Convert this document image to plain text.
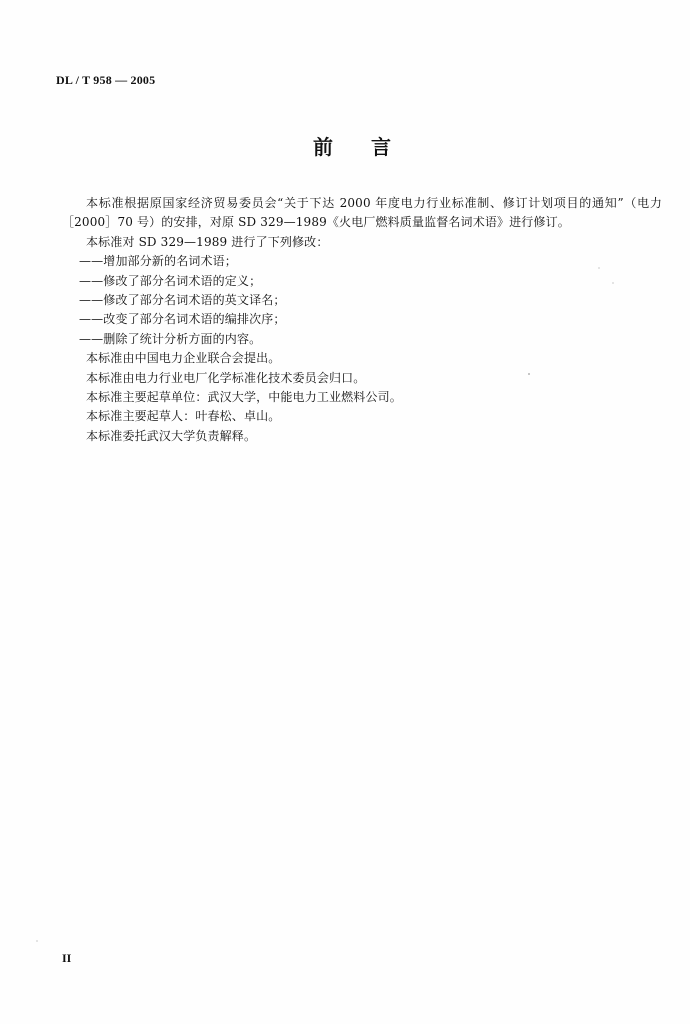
DL / T 958 — 2005
前言

本标准根据原国家经济贸易委员会“关于下达 2000 年度电力行业标准制、修订计划项目的通知”（电力［2000］70 号）的安排，对原 SD 329—1989《火电厂燃料质量监督名词术语》进行修订。

本标准对 SD 329—1989 进行了下列修改：

——增加部分新的名词术语；

——修改了部分名词术语的定义；

——修改了部分名词术语的英文译名；

——改变了部分名词术语的编排次序；

——删除了统计分析方面的内容。

本标准由中国电力企业联合会提出。

本标准由电力行业电厂化学标准化技术委员会归口。

本标准主要起草单位：武汉大学，中能电力工业燃料公司。

本标准主要起草人：叶春松、卓山。

本标准委托武汉大学负责解释。

II
